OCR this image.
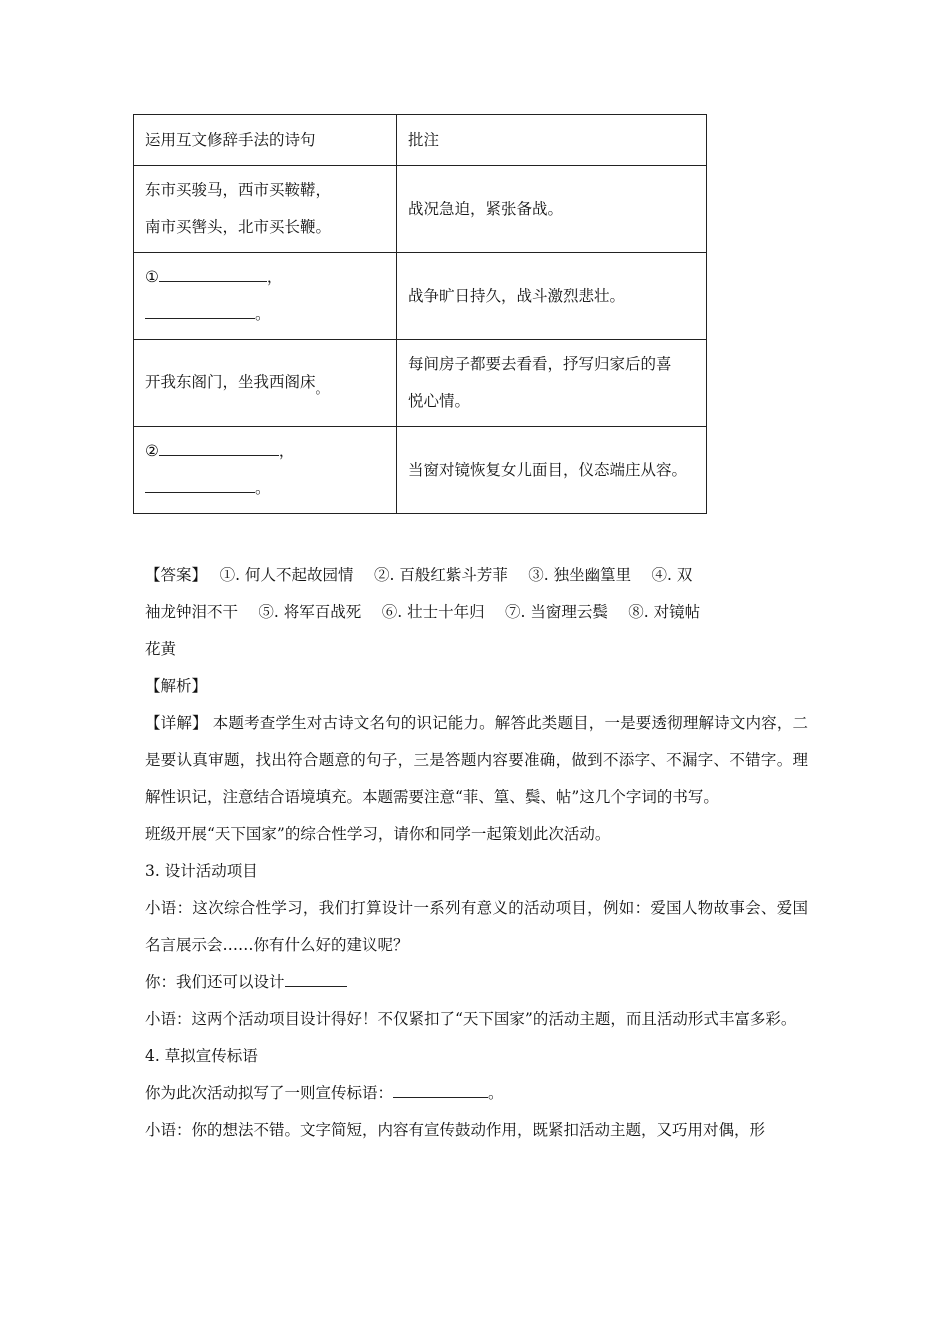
运用互文修辞手法的诗句	批注

东市买骏马，西市买鞍鞯，
南市买辔头，北市买长鞭。	战况急迫，紧张备战。

① ，
。	战争旷日持久，战斗激烈悲壮。
开我东阁门，坐我西阁床$_。$	每间房子都要去看看，抒写归家后的喜
悦心情。

② ，
。	当窗对镜恢复女儿面目，仪态端庄从容。

【答案】　 ①. 何人不起故园情　 ②. 百般红紫斗芳菲　 ③. 独坐幽篁里　 ④. 双

袖龙钟泪不干　 ⑤. 将军百战死　 ⑥. 壮士十年归　 ⑦. 当窗理云鬓　 ⑧. 对镜帖

花黄

【解析】

【详解】 本题考查学生对古诗文名句的识记能力。解答此类题目，一是要透彻理解诗文内容，二是要认真审题，找出符合题意的句子，三是答题内容要准确，做到不添字、不漏字、不错字。理解性识记，注意结合语境填充。本题需要注意“菲、篁、鬓、帖”这几个字词的书写。

班级开展“天下国家”的综合性学习，请你和同学一起策划此次活动。

3. 设计活动项目

小语：这次综合性学习，我们打算设计一系列有意义的活动项目，例如：爱国人物故事会、爱国名言展示会……你有什么好的建议呢？

你：我们还可以设计

小语：这两个活动项目设计得好！不仅紧扣了“天下国家”的活动主题，而且活动形式丰富多彩。

4. 草拟宣传标语

你为此次活动拟写了一则宣传标语：	。

小语：你的想法不错。文字简短，内容有宣传鼓动作用，既紧扣活动主题，又巧用对偶，形
